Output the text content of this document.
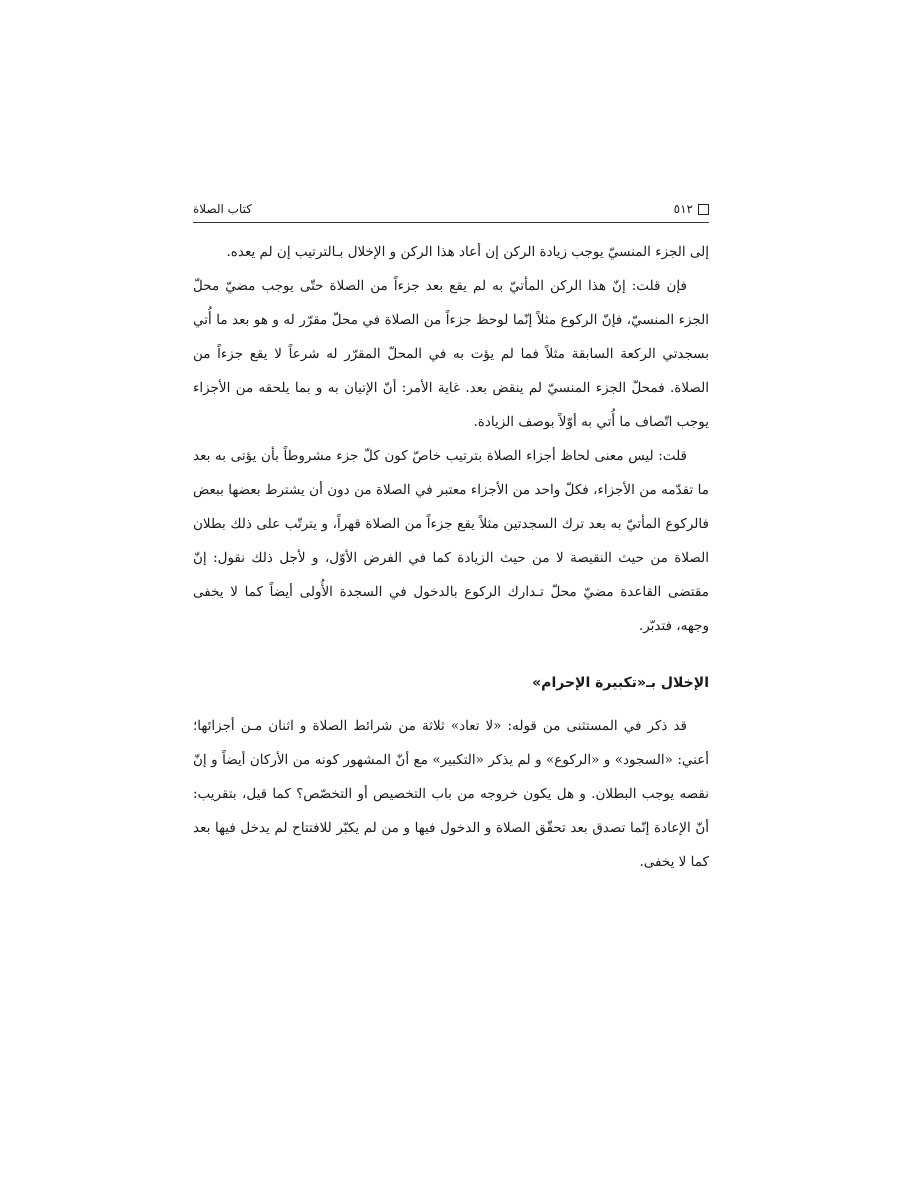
٥١٢
كتاب الصلاة

إلى الجزء المنسيّ يوجب زيادة الركن إن أعاد هذا الركن و الإخلال بـالترتيب إن لم يعده.

فإن قلت: إنّ هذا الركن المأتيّ به لم يقع بعد جزءاً من الصلاة حتّى يوجب مضيّ محلّ الجزء المنسيّ، فإنّ الركوع مثلاً إنّما لوحظ جزءاً من الصلاة في محلّ مقرّر له و هو بعد ما أُتي بسجدتي الركعة السابقة مثلاً فما لم يؤت به في المحلّ المقرّر له شرعاً لا يقع جزءاً من الصلاة. فمحلّ الجزء المنسيّ لم ينقض بعد. غاية الأمر: أنّ الإتيان به و بما يلحقه من الأجزاء يوجب اتّصاف ما أُتي به أوّلاً بوصف الزيادة.

قلت: ليس معنى لحاظ أجزاء الصلاة بترتيب خاصّ كون كلّ جزء مشروطاً بأن يؤتى به بعد ما تقدّمه من الأجزاء، فكلّ واحد من الأجزاء معتبر في الصلاة من دون أن يشترط بعضها ببعض فالركوع المأتيّ به بعد ترك السجدتين مثلاً يقع جزءاً من الصلاة قهراً، و يترتّب على ذلك بطلان الصلاة من حيث النقيصة لا من حيث الزيادة كما في الفرض الأوّل، و لأجل ذلك نقول: إنّ مقتضى القاعدة مضيّ محلّ تـدارك الركوع بالدخول في السجدة الأُولى أيضاً كما لا يخفى وجهه، فتدبّر.

الإخلال بـ«تكبيرة الإحرام»

قد ذكر في المستثنى من قوله: «لا تعاد» ثلاثة من شرائط الصلاة و اثنان مـن أجزائها؛ أعني: «السجود» و «الركوع» و لم يذكر «التكبير» مع أنّ المشهور كونه من الأركان أيضاً و إنّ نقصه يوجب البطلان. و هل يكون خروجه من باب التخصيص أو التخصّص؟ كما قيل، بتقريب: أنّ الإعادة إنّما تصدق بعد تحقّق الصلاة و الدخول فيها و من لم يكبّر للافتتاح لم يدخل فيها بعد كما لا يخفى.
